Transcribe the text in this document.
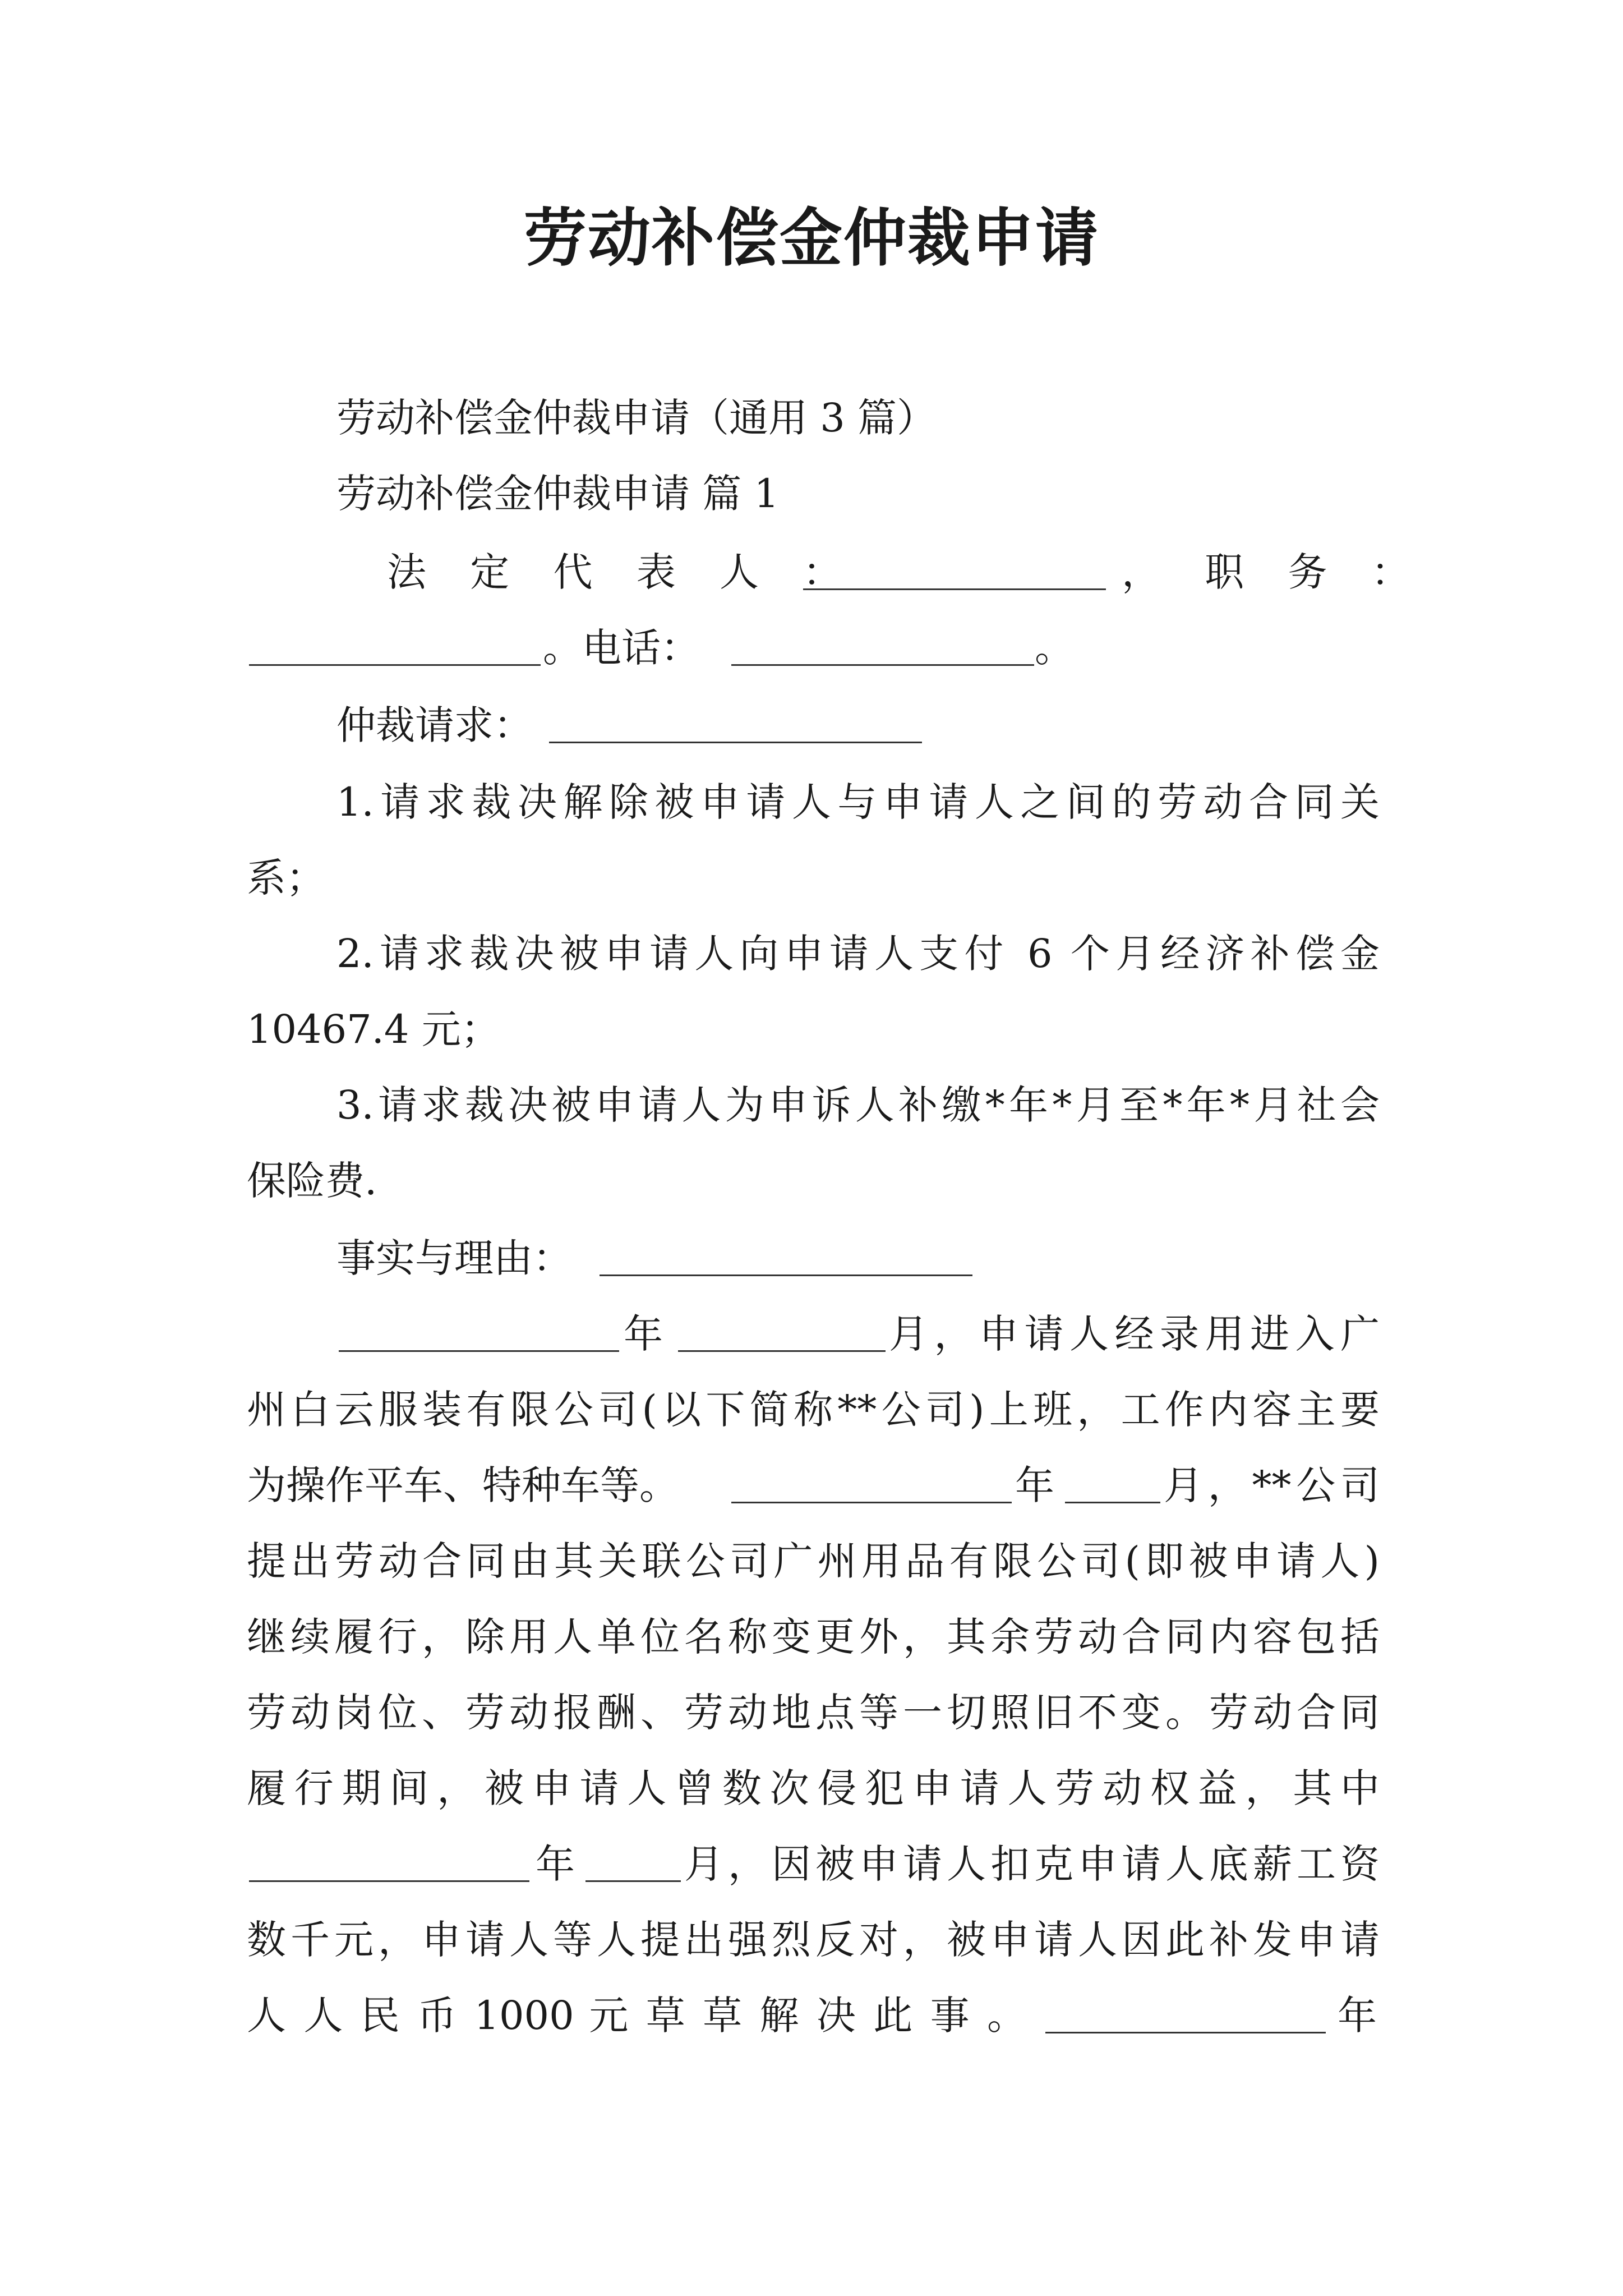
劳动补偿金仲裁申请
劳动补偿金仲裁申请（通用 3 篇）
劳动补偿金仲裁申请 篇 1
法 定 代 表 人 ：	， 职 务 ：
。电话：	。
仲裁请求：
1.请求裁决解除被申请人与申请人之间的劳动合同关
系；
2.请求裁决被申请人向申请人支付 6 个月经济补偿金
10467.4 元；
3.请求裁决被申请人为申诉人补缴*年*月至*年*月社会
保险费.
事实与理由：
年	月，申请人经录用进入广
州白云服装有限公司(以下简称**公司)上班，工作内容主要
为操作平车、特种车等。	年	月，**公司
提出劳动合同由其关联公司广州用品有限公司(即被申请人)
继续履行，除用人单位名称变更外，其余劳动合同内容包括
劳动岗位、劳动报酬、劳动地点等一切照旧不变。劳动合同
履行期间，被申请人曾数次侵犯申请人劳动权益，其中
年	月，因被申请人扣克申请人底薪工资
数千元，申请人等人提出强烈反对，被申请人因此补发申请
人 人 民 币 1000 元 草 草 解 决 此 事 。	年
